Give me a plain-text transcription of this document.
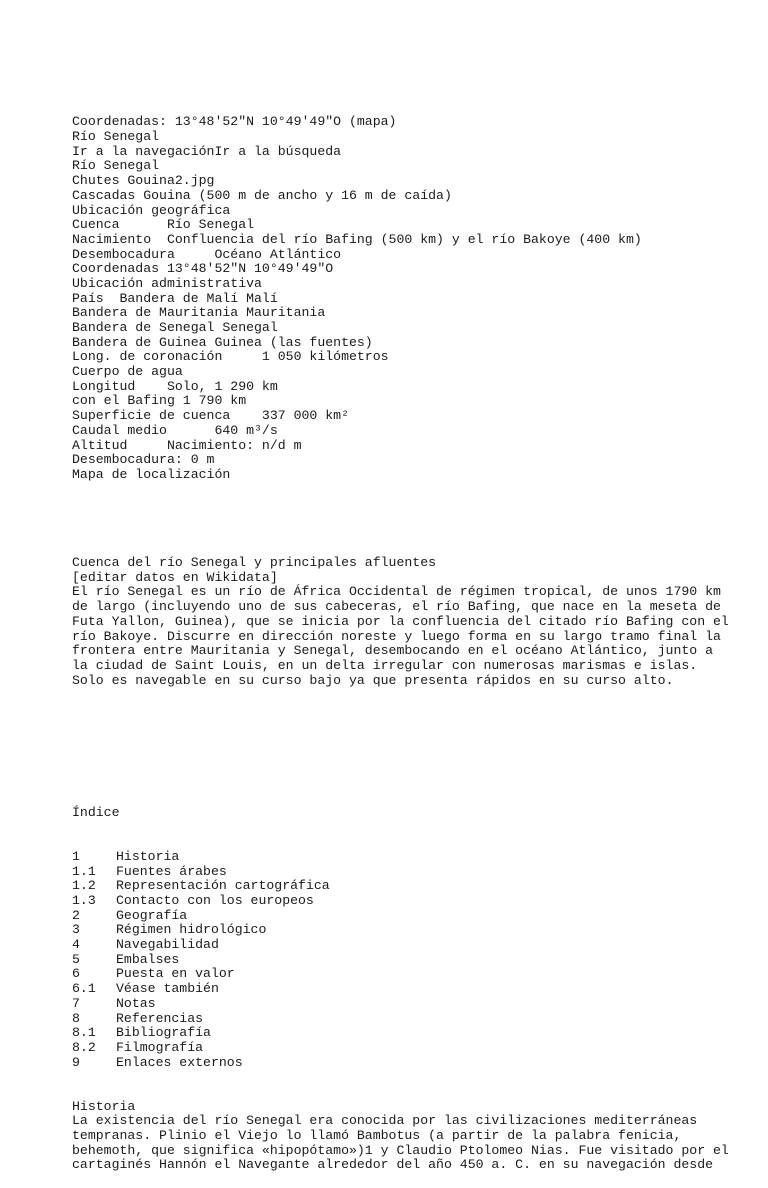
Coordenadas: 13°48′52″N 10°49′49″O (mapa)
Río Senegal
Ir a la navegaciónIr a la búsqueda
Río Senegal
Chutes Gouina2.jpg
Cascadas Gouina (500 m de ancho y 16 m de caída)
Ubicación geográfica
Cuenca      Río Senegal
Nacimiento  Confluencia del río Bafing (500 km) y el río Bakoye (400 km)
Desembocadura     Océano Atlántico
Coordenadas 13°48′52″N 10°49′49″O
Ubicación administrativa
País  Bandera de Malí Malí
Bandera de Mauritania Mauritania
Bandera de Senegal Senegal
Bandera de Guinea Guinea (las fuentes)
Long. de coronación     1 050 kilómetros
Cuerpo de agua
Longitud    Solo, 1 290 km
con el Bafing 1 790 km
Superficie de cuenca    337 000 km²
Caudal medio      640 m³/s
Altitud     Nacimiento: n/d m
Desembocadura: 0 m
Mapa de localización

Cuenca del río Senegal y principales afluentes
[editar datos en Wikidata]
El río Senegal es un río de África Occidental de régimen tropical, de unos 1790 km
de largo (incluyendo uno de sus cabeceras, el río Bafing, que nace en la meseta de
Futa Yallon, Guinea), que se inicia por la confluencia del citado río Bafing con el
río Bakoye. Discurre en dirección noreste y luego forma en su largo tramo final la
frontera entre Mauritania y Senegal, desembocando en el océano Atlántico, junto a
la ciudad de Saint Louis, en un delta irregular con numerosas marismas e islas.
Solo es navegable en su curso bajo ya que presenta rápidos en su curso alto.

Índice

1	Historia
1.1 Fuentes árabes
1.2 Representación cartográfica
1.3 Contacto con los europeos
2	Geografía
3	Régimen hidrológico
4	Navegabilidad
5	Embalses
6	Puesta en valor
6.1 Véase también
7	Notas
8	Referencias
8.1 Bibliografía
8.2 Filmografía
9	Enlaces externos

Historia
La existencia del río Senegal era conocida por las civilizaciones mediterráneas
tempranas. Plinio el Viejo lo llamó Bambotus (a partir de la palabra fenicia,
behemoth, que significa «hipopótamo»)1 y Claudio Ptolomeo Nias. Fue visitado por el
cartaginés Hannón el Navegante alrededor del año 450 a. C. en su navegación desde
